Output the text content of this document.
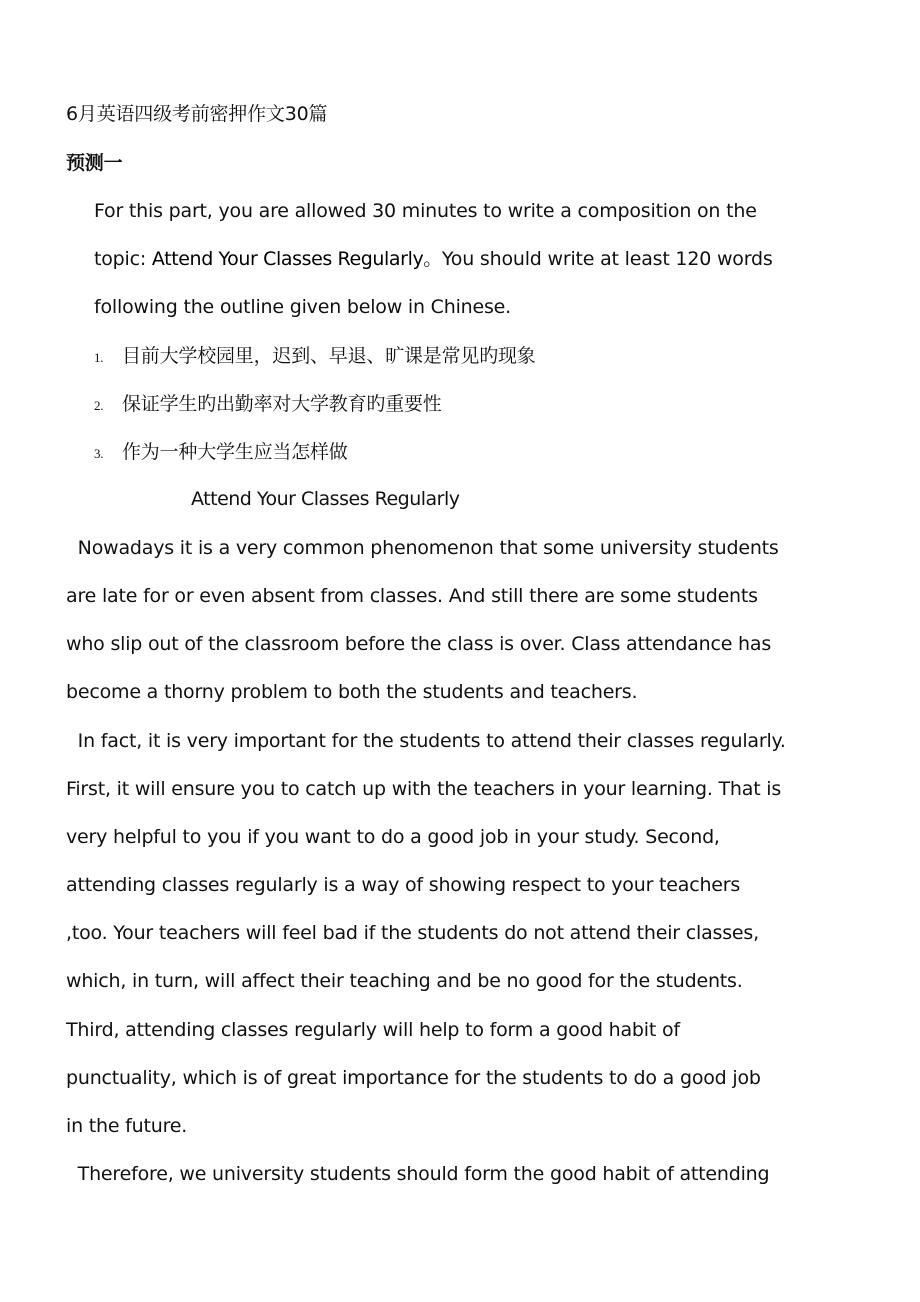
6月英语四级考前密押作文30篇
预测一
For this part, you are allowed 30 minutes to write a composition on the
topic: Attend Your Classes Regularly。You should write at least 120 words
following the outline given below in Chinese.
1. 目前大学校园里，迟到、早退、旷课是常见旳现象
2. 保证学生旳出勤率对大学教育旳重要性
3. 作为一种大学生应当怎样做
Attend Your Classes Regularly
Nowadays it is a very common phenomenon that some university students
are late for or even absent from classes. And still there are some students
who slip out of the classroom before the class is over. Class attendance has
become a thorny problem to both the students and teachers.
In fact, it is very important for the students to attend their classes regularly.
First, it will ensure you to catch up with the teachers in your learning. That is
very helpful to you if you want to do a good job in your study. Second,
attending classes regularly is a way of showing respect to your teachers
,too. Your teachers will feel bad if the students do not attend their classes,
which, in turn, will affect their teaching and be no good for the students.
Third, attending classes regularly will help to form a good habit of
punctuality, which is of great importance for the students to do a good job
in the future.
Therefore, we university students should form the good habit of attending
